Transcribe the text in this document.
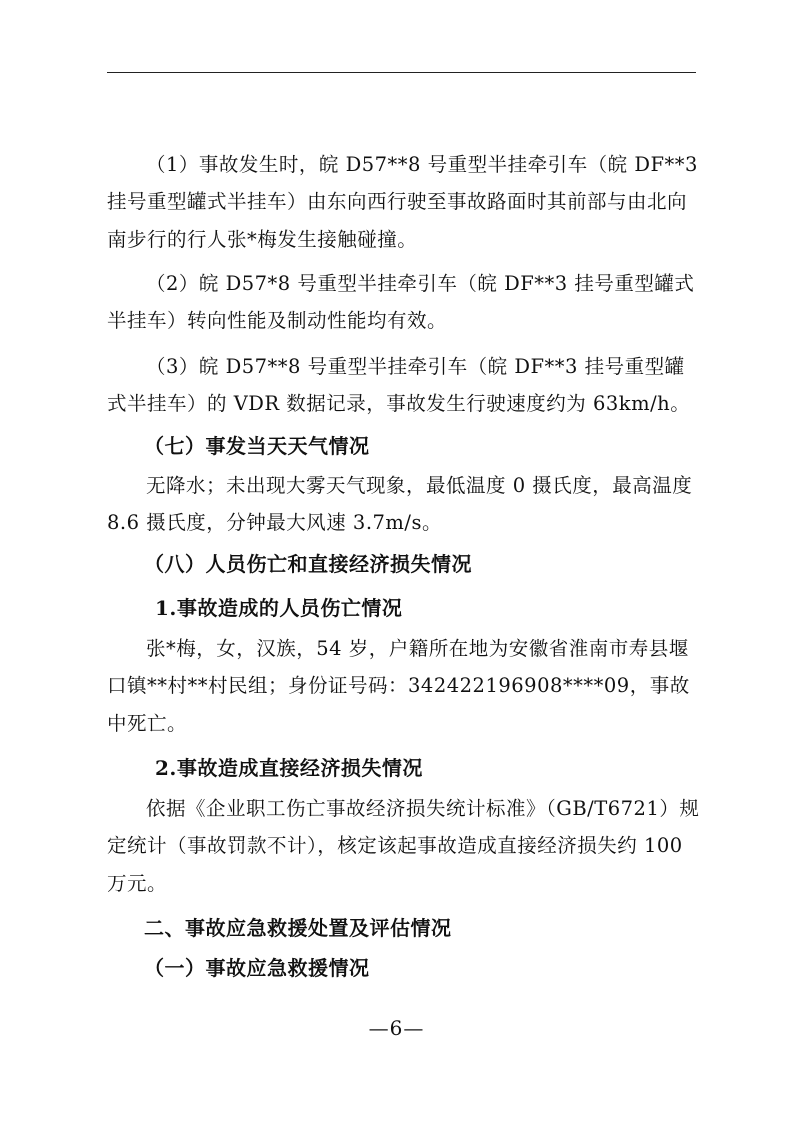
（1）事故发生时，皖 D57**8 号重型半挂牵引车（皖 DF**3 挂号重型罐式半挂车）由东向西行驶至事故路面时其前部与由北向南步行的行人张*梅发生接触碰撞。

（2）皖 D57*8 号重型半挂牵引车（皖 DF**3 挂号重型罐式半挂车）转向性能及制动性能均有效。

（3）皖 D57**8 号重型半挂牵引车（皖 DF**3 挂号重型罐式半挂车）的 VDR 数据记录，事故发生行驶速度约为 63km/h。

（七）事发当天天气情况

无降水；未出现大雾天气现象，最低温度 0 摄氏度，最高温度 8.6 摄氏度，分钟最大风速 3.7m/s。

（八）人员伤亡和直接经济损失情况

1.事故造成的人员伤亡情况

张*梅，女，汉族，54 岁，户籍所在地为安徽省淮南市寿县堰口镇**村**村民组；身份证号码：342422196908****09，事故中死亡。

2.事故造成直接经济损失情况

依据《企业职工伤亡事故经济损失统计标准》（GB/T6721）规定统计（事故罚款不计），核定该起事故造成直接经济损失约 100 万元。

二、事故应急救援处置及评估情况

（一）事故应急救援情况

—6—
